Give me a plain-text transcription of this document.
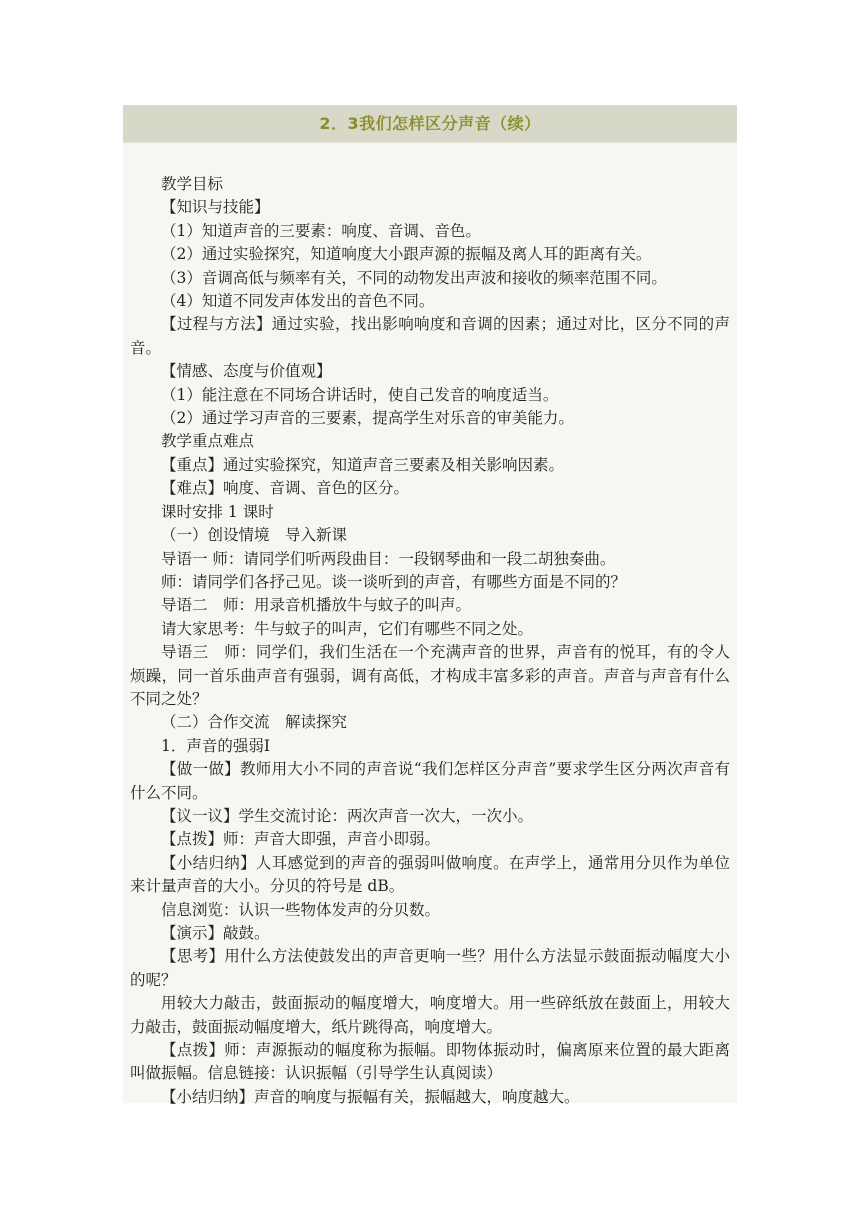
2．3我们怎样区分声音（续）

教学目标

【知识与技能】

（1）知道声音的三要素：响度、音调、音色。

（2）通过实验探究，知道响度大小跟声源的振幅及离人耳的距离有关。

（3）音调高低与频率有关，不同的动物发出声波和接收的频率范围不同。

（4）知道不同发声体发出的音色不同。

【过程与方法】通过实验，找出影响响度和音调的因素；通过对比，区分不同的声音。

【情感、态度与价值观】

（1）能注意在不同场合讲话时，使自己发音的响度适当。

（2）通过学习声音的三要素，提高学生对乐音的审美能力。

教学重点难点

【重点】通过实验探究，知道声音三要素及相关影响因素。

【难点】响度、音调、音色的区分。

课时安排 1 课时

（一）创设情境　导入新课

导语一 师：请同学们听两段曲目：一段钢琴曲和一段二胡独奏曲。

师：请同学们各抒己见。谈一谈听到的声音，有哪些方面是不同的？

导语二　师：用录音机播放牛与蚊子的叫声。

请大家思考：牛与蚊子的叫声，它们有哪些不同之处。

导语三　师：同学们，我们生活在一个充满声音的世界，声音有的悦耳，有的令人烦躁，同一首乐曲声音有强弱，调有高低，才构成丰富多彩的声音。声音与声音有什么不同之处？

（二）合作交流　解读探究

1．声音的强弱Ⅰ

【做一做】教师用大小不同的声音说“我们怎样区分声音”要求学生区分两次声音有什么不同。

【议一议】学生交流讨论：两次声音一次大，一次小。

【点拨】师：声音大即强，声音小即弱。

【小结归纳】人耳感觉到的声音的强弱叫做响度。在声学上，通常用分贝作为单位来计量声音的大小。分贝的符号是 dB。

信息浏览：认识一些物体发声的分贝数。

【演示】敲鼓。

【思考】用什么方法使鼓发出的声音更响一些？用什么方法显示鼓面振动幅度大小的呢？

用较大力敲击，鼓面振动的幅度增大，响度增大。用一些碎纸放在鼓面上，用较大力敲击，鼓面振动幅度增大，纸片跳得高，响度增大。

【点拨】师：声源振动的幅度称为振幅。即物体振动时，偏离原来位置的最大距离叫做振幅。信息链接：认识振幅（引导学生认真阅读）

【小结归纳】声音的响度与振幅有关，振幅越大，响度越大。
